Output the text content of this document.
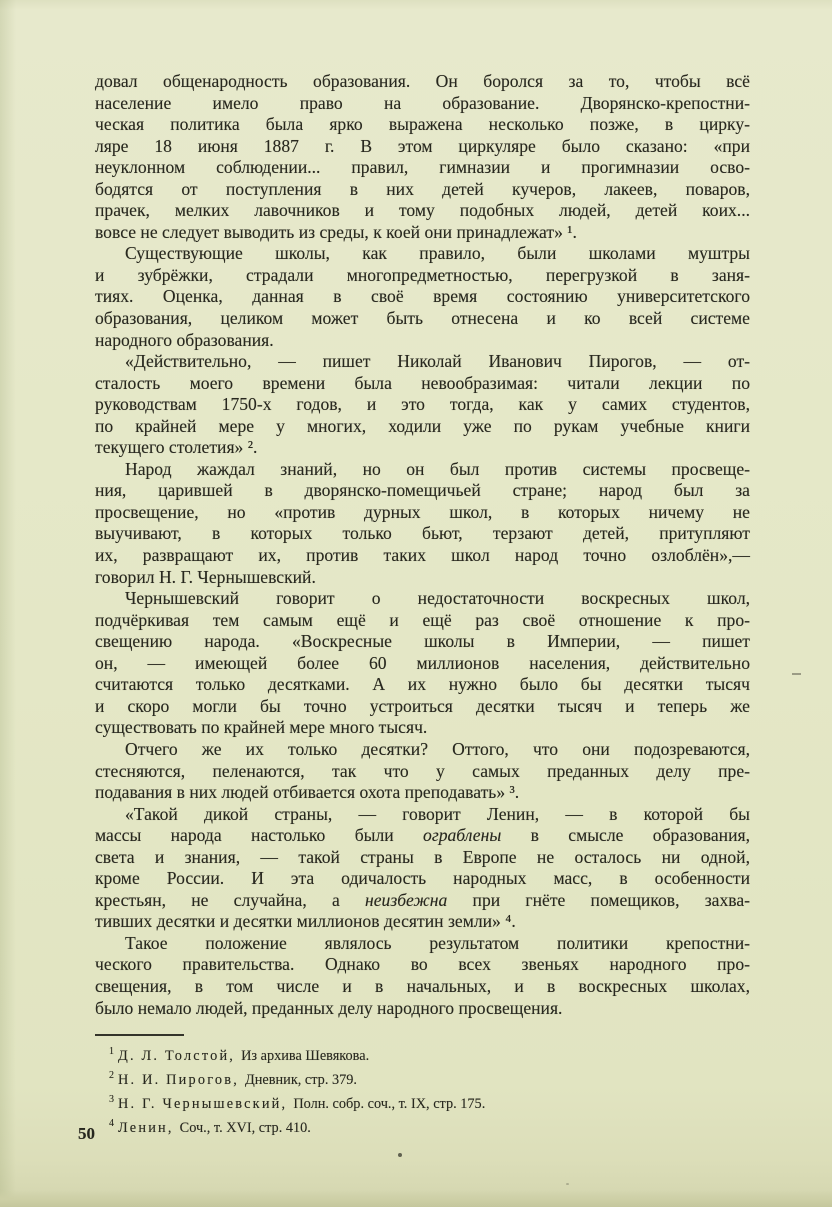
довал общенародность образования. Он боролся за то, чтобы всё
население имело право на образование. Дворянско-крепостни-
ческая политика была ярко выражена несколько позже, в цирку-
ляре 18 июня 1887 г. В этом циркуляре было сказано: «при
неуклонном соблюдении... правил, гимназии и прогимназии осво-
бодятся от поступления в них детей кучеров, лакеев, поваров,
прачек, мелких лавочников и тому подобных людей, детей коих...
вовсе не следует выводить из среды, к коей они принадлежат» ¹.
Существующие школы, как правило, были школами муштры
и зубрёжки, страдали многопредметностью, перегрузкой в заня-
тиях. Оценка, данная в своё время состоянию университетского
образования, целиком может быть отнесена и ко всей системе
народного образования.
«Действительно, — пишет Николай Иванович Пирогов, — от-
сталость моего времени была невообразимая: читали лекции по
руководствам 1750-х годов, и это тогда, как у самих студентов,
по крайней мере у многих, ходили уже по рукам учебные книги
текущего столетия» ².
Народ жаждал знаний, но он был против системы просвеще-
ния, царившей в дворянско-помещичьей стране; народ был за
просвещение, но «против дурных школ, в которых ничему не
выучивают, в которых только бьют, терзают детей, притупляют
их, развращают их, против таких школ народ точно озлоблён»,—
говорил Н. Г. Чернышевский.
Чернышевский говорит о недостаточности воскресных школ,
подчёркивая тем самым ещё и ещё раз своё отношение к про-
свещению народа. «Воскресные школы в Империи, — пишет
он, — имеющей более 60 миллионов населения, действительно
считаются только десятками. А их нужно было бы десятки тысяч
и скоро могли бы точно устроиться десятки тысяч и теперь же
существовать по крайней мере много тысяч.
Отчего же их только десятки? Оттого, что они подозреваются,
стесняются, пеленаются, так что у самых преданных делу пре-
подавания в них людей отбивается охота преподавать» ³.
«Такой дикой страны, — говорит Ленин, — в которой бы
массы народа настолько были ограблены в смысле образования,
света и знания, — такой страны в Европе не осталось ни одной,
кроме России. И эта одичалость народных масс, в особенности
крестьян, не случайна, а неизбежна при гнёте помещиков, захва-
тивших десятки и десятки миллионов десятин земли» ⁴.
Такое положение являлось результатом политики крепостни-
ческого правительства. Однако во всех звеньях народного про-
свещения, в том числе и в начальных, и в воскресных школах,
было немало людей, преданных делу народного просвещения.
$^1$ Д. Л. Толстой, Из архива Шевякова.
$^2$ Н. И. Пирогов, Дневник, стр. 379.
$^3$ Н. Г. Чернышевский, Полн. собр. соч., т. IX, стр. 175.
$^4$ Ленин, Соч., т. XVI, стр. 410.
50
